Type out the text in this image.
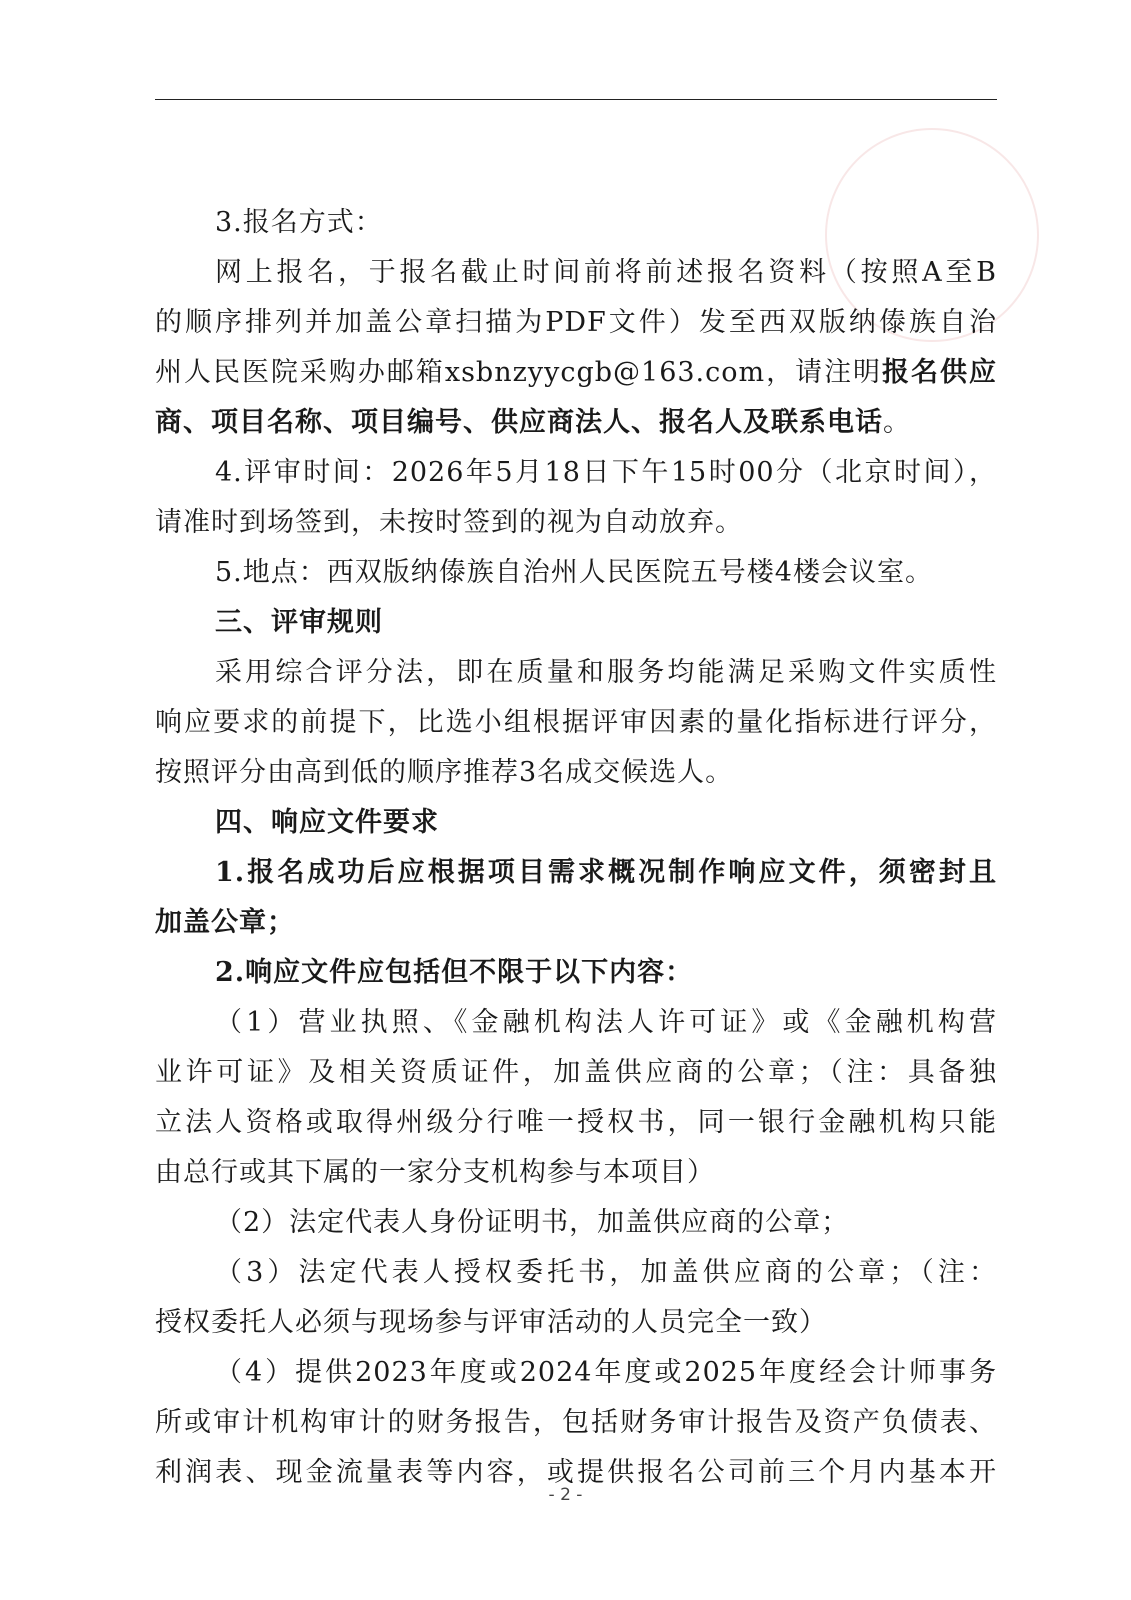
3.报名方式：
网上报名，于报名截止时间前将前述报名资料（按照A至B
的顺序排列并加盖公章扫描为PDF文件）发至西双版纳傣族自治
州人民医院采购办邮箱xsbnzyycgb@163.com，请注明报名供应
商、项目名称、项目编号、供应商法人、报名人及联系电话。
4.评审时间：2026年5月18日下午15时00分（北京时间），
请准时到场签到，未按时签到的视为自动放弃。
5.地点：西双版纳傣族自治州人民医院五号楼4楼会议室。
三、评审规则
采用综合评分法，即在质量和服务均能满足采购文件实质性
响应要求的前提下，比选小组根据评审因素的量化指标进行评分，
按照评分由高到低的顺序推荐3名成交候选人。
四、响应文件要求
1.报名成功后应根据项目需求概况制作响应文件，须密封且
加盖公章；
2.响应文件应包括但不限于以下内容：
（1）营业执照、《金融机构法人许可证》或《金融机构营
业许可证》及相关资质证件，加盖供应商的公章；（注：具备独
立法人资格或取得州级分行唯一授权书，同一银行金融机构只能
由总行或其下属的一家分支机构参与本项目）
（2）法定代表人身份证明书，加盖供应商的公章；
（3）法定代表人授权委托书，加盖供应商的公章；（注：
授权委托人必须与现场参与评审活动的人员完全一致）
（4）提供2023年度或2024年度或2025年度经会计师事务
所或审计机构审计的财务报告，包括财务审计报告及资产负债表、
利润表、现金流量表等内容，或提供报名公司前三个月内基本开
- 2 -
